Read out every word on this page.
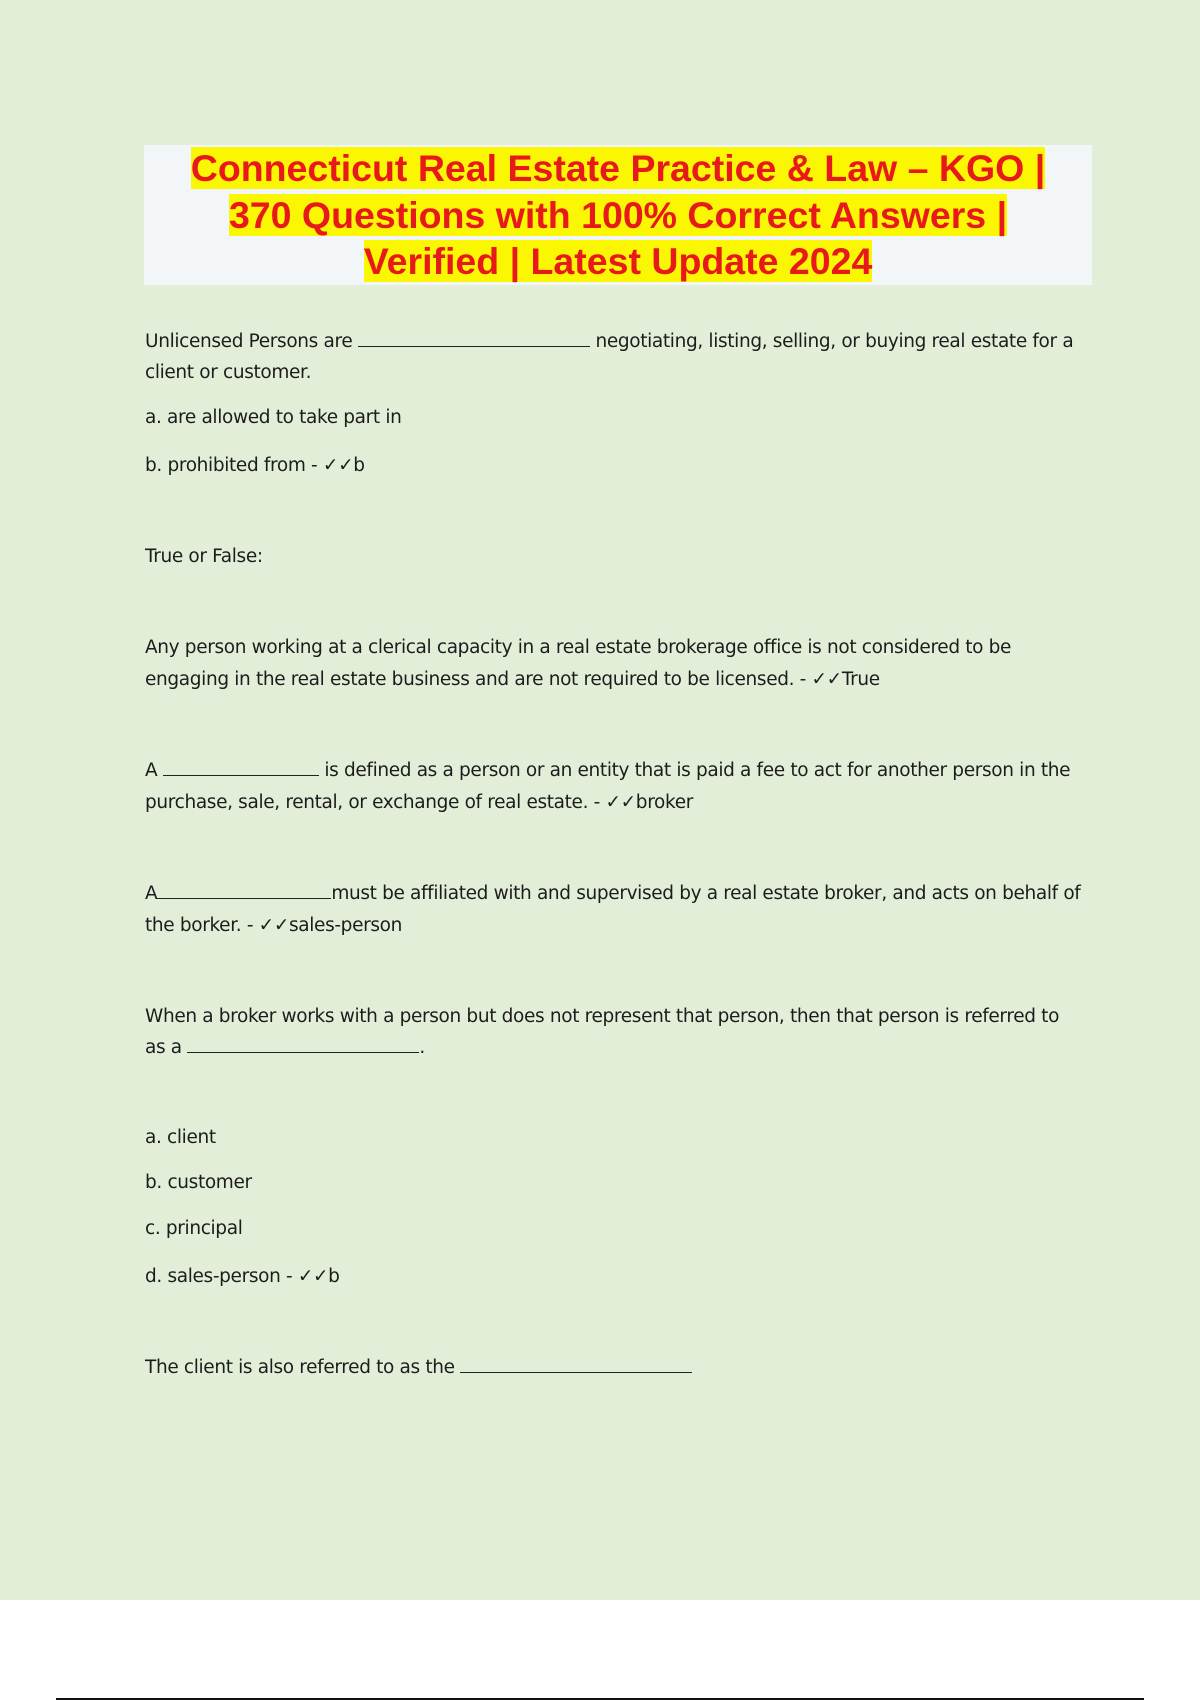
Connecticut Real Estate Practice & Law – KGO |
370 Questions with 100% Correct Answers |
Verified | Latest Update 2024
Unlicensed Persons are	negotiating, listing, selling, or buying real estate for a
client or customer.
a. are allowed to take part in
b. prohibited from - ✓✓b
True or False:
Any person working at a clerical capacity in a real estate brokerage office is not considered to be
engaging in the real estate business and are not required to be licensed. - ✓✓True
A	is defined as a person or an entity that is paid a fee to act for another person in the
purchase, sale, rental, or exchange of real estate. - ✓✓broker
A	must be affiliated with and supervised by a real estate broker, and acts on behalf of
the borker. - ✓✓sales-person
When a broker works with a person but does not represent that person, then that person is referred to
as a	.
a. client
b. customer
c. principal
d. sales-person - ✓✓b
The client is also referred to as the
